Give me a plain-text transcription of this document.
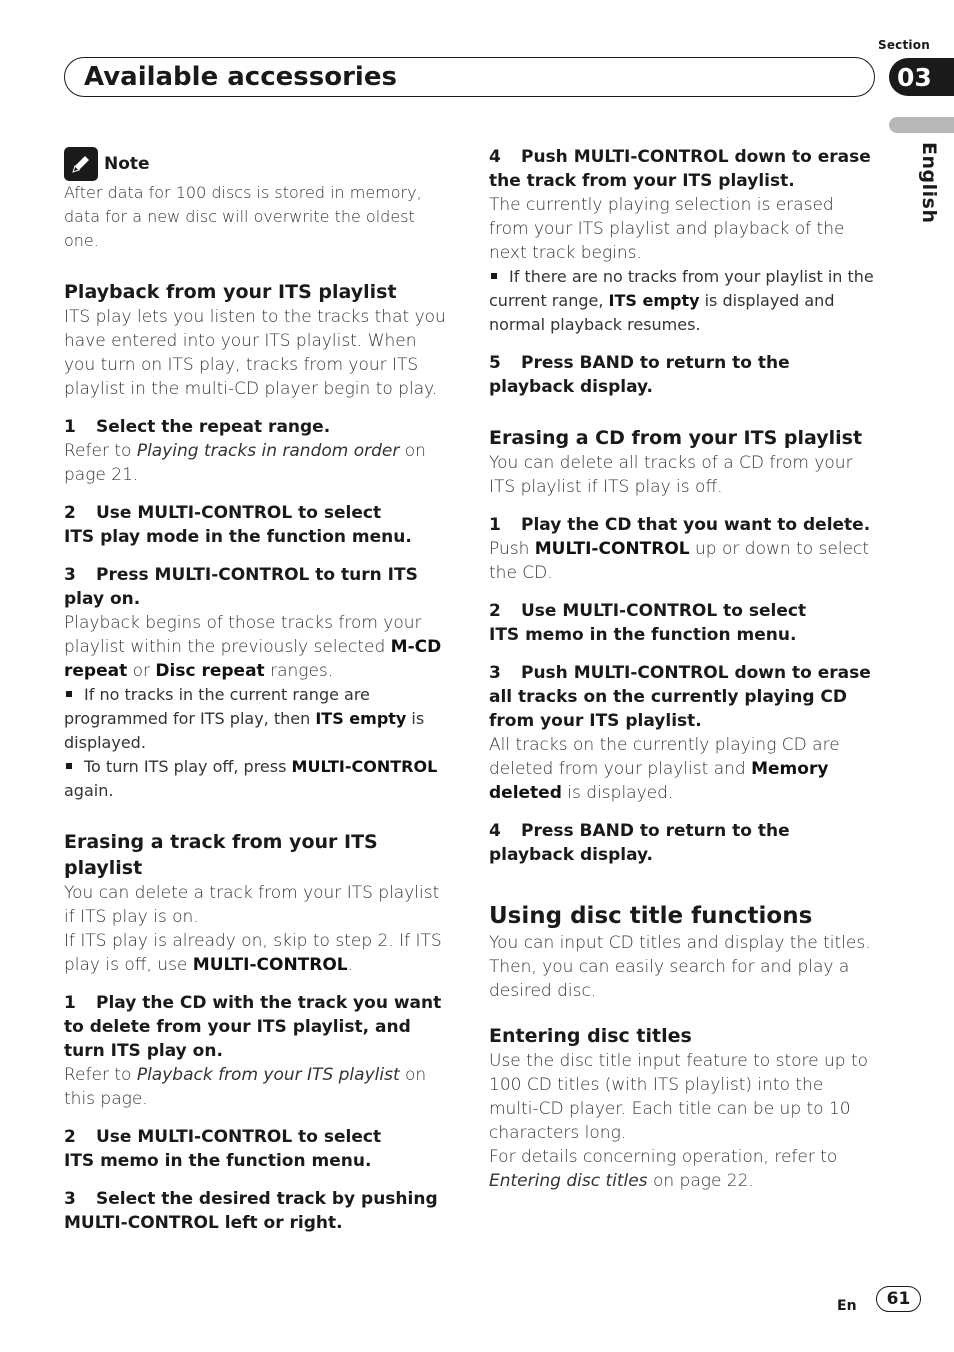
Section
03
Available accessories
English
Note

After data for 100 discs is stored in memory, data for a new disc will overwrite the oldest one.

Playback from your ITS playlist

ITS play lets you listen to the tracks that you have entered into your ITS playlist. When you turn on ITS play, tracks from your ITS playlist in the multi-CD player begin to play.

1 Select the repeat range.

Refer to Playing tracks in random order on page 21.

2 Use MULTI-CONTROL to select
ITS play mode in the function menu.

3 Press MULTI-CONTROL to turn ITS play on.

Playback begins of those tracks from your playlist within the previously selected M-CD repeat or Disc repeat ranges.

If no tracks in the current range are programmed for ITS play, then ITS empty is displayed.

To turn ITS play off, press MULTI-CONTROL again.

Erasing a track from your ITS playlist

You can delete a track from your ITS playlist if ITS play is on.

If ITS play is already on, skip to step 2. If ITS play is off, use MULTI-CONTROL.

1 Play the CD with the track you want to delete from your ITS playlist, and turn ITS play on.

Refer to Playback from your ITS playlist on this page.

2 Use MULTI-CONTROL to select
ITS memo in the function menu.

3 Select the desired track by pushing MULTI-CONTROL left or right.

4 Push MULTI-CONTROL down to erase the track from your ITS playlist.

The currently playing selection is erased from your ITS playlist and playback of the next track begins.

If there are no tracks from your playlist in the current range, ITS empty is displayed and normal playback resumes.

5 Press BAND to return to the playback display.

Erasing a CD from your ITS playlist

You can delete all tracks of a CD from your ITS playlist if ITS play is off.

1 Play the CD that you want to delete.

Push MULTI-CONTROL up or down to select the CD.

2 Use MULTI-CONTROL to select
ITS memo in the function menu.

3 Push MULTI-CONTROL down to erase all tracks on the currently playing CD from your ITS playlist.

All tracks on the currently playing CD are deleted from your playlist and Memory deleted is displayed.

4 Press BAND to return to the playback display.

Using disc title functions

You can input CD titles and display the titles. Then, you can easily search for and play a desired disc.

Entering disc titles

Use the disc title input feature to store up to 100 CD titles (with ITS playlist) into the multi-CD player. Each title can be up to 10 characters long.

For details concerning operation, refer to Entering disc titles on page 22.

En	61
